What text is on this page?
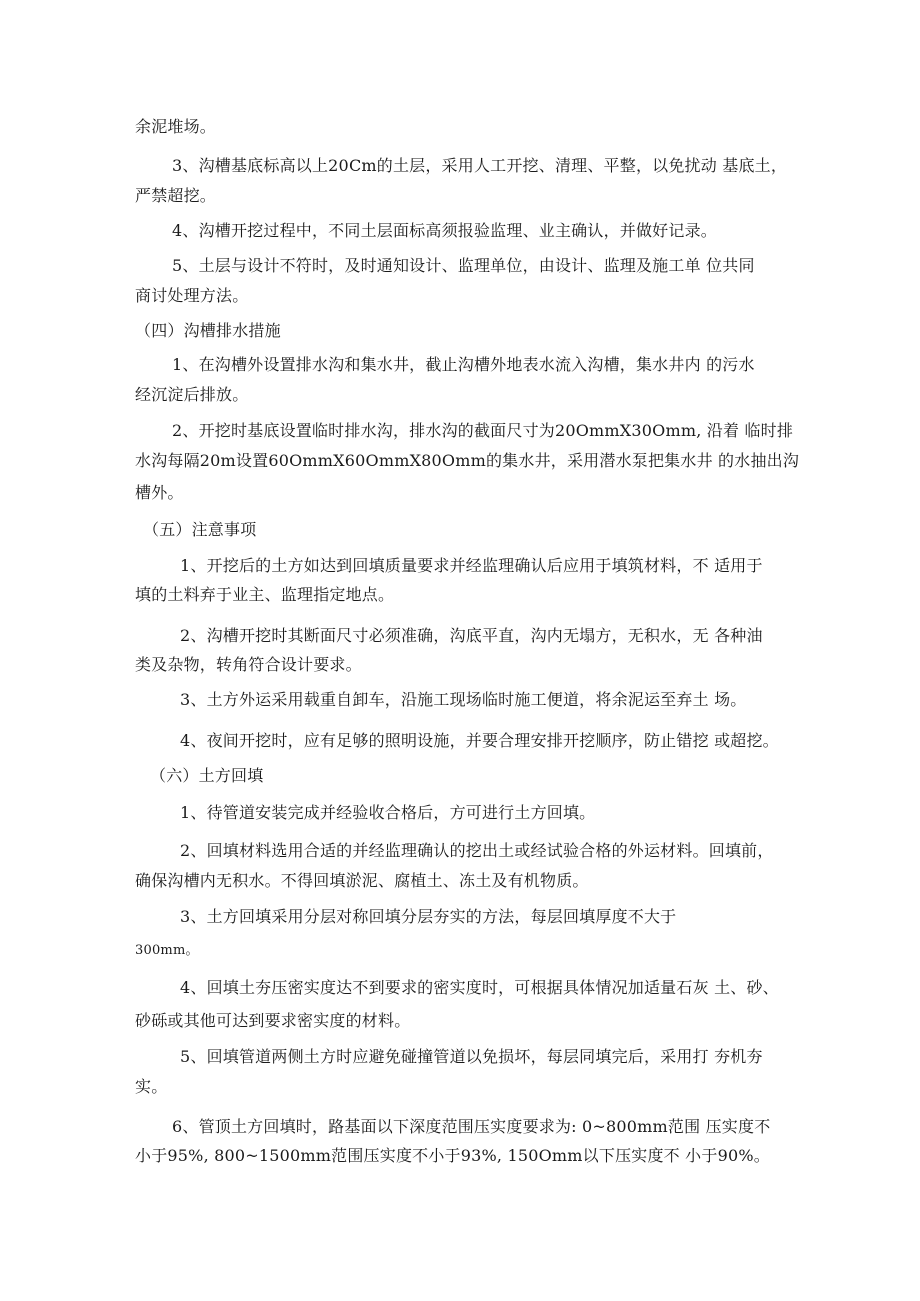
余泥堆场。
3、沟槽基底标高以上20Cm的土层，采用人工开挖、清理、平整，以免扰动 基底土，
严禁超挖。
4、沟槽开挖过程中，不同土层面标高须报验监理、业主确认，并做好记录。
5、土层与设计不符时，及时通知设计、监理单位，由设计、监理及施工单 位共同
商讨处理方法。
（四）沟槽排水措施
1、在沟槽外设置排水沟和集水井，截止沟槽外地表水流入沟槽，集水井内 的污水
经沉淀后排放。
2、开挖时基底设置临时排水沟，排水沟的截面尺寸为20OmmX30Omm, 沿着 临时排
水沟每隔20m设置60OmmX60OmmX80Omm的集水井，采用潜水泵把集水井 的水抽出沟
槽外。
（五）注意事项
1、开挖后的土方如达到回填质量要求并经监理确认后应用于填筑材料，不 适用于
填的土料弃于业主、监理指定地点。
2、沟槽开挖时其断面尺寸必须准确，沟底平直，沟内无塌方，无积水，无 各种油
类及杂物，转角符合设计要求。
3、土方外运采用载重自卸车，沿施工现场临时施工便道，将余泥运至弃土 场。
4、夜间开挖时，应有足够的照明设施，并要合理安排开挖顺序，防止错挖 或超挖。
（六）土方回填
1、待管道安装完成并经验收合格后，方可进行土方回填。
2、回填材料选用合适的并经监理确认的挖出土或经试验合格的外运材料。回填前，
确保沟槽内无积水。不得回填淤泥、腐植土、冻土及有机物质。
3、土方回填采用分层对称回填分层夯实的方法，每层回填厚度不大于
300mm。
4、回填土夯压密实度达不到要求的密实度时，可根据具体情况加适量石灰 土、砂、
砂砾或其他可达到要求密实度的材料。
5、回填管道两侧土方时应避免碰撞管道以免损坏，每层同填完后，采用打 夯机夯
实。
6、管顶土方回填时，路基面以下深度范围压实度要求为: 0~800mm范围 压实度不
小于95%, 800~1500mm范围压实度不小于93%, 150Omm以下压实度不 小于90%。
